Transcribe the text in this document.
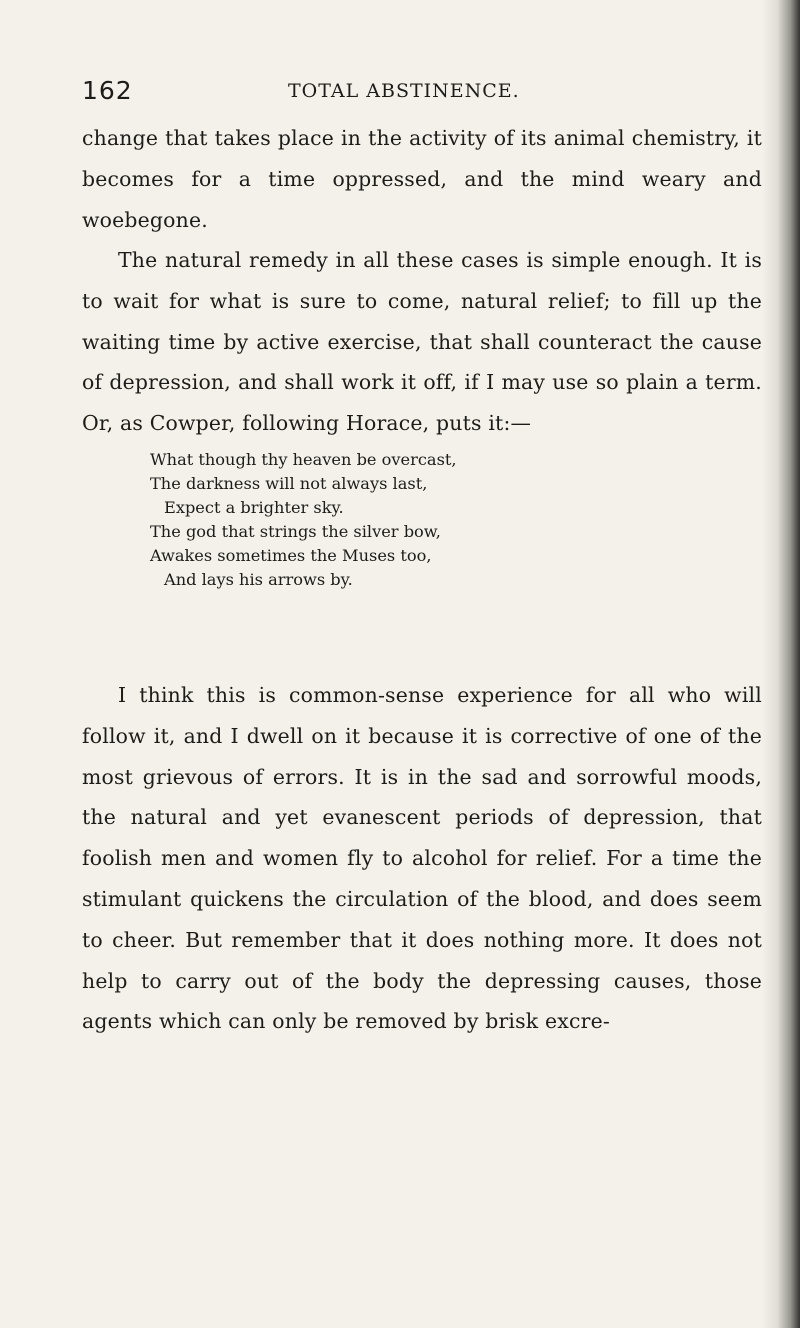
162	TOTAL ABSTINENCE.

change that takes place in the activity of its animal chemistry, it becomes for a time oppressed, and the mind weary and woebegone.

The natural remedy in all these cases is simple enough. It is to wait for what is sure to come, natural relief; to fill up the waiting time by active exercise, that shall counteract the cause of depression, and shall work it off, if I may use so plain a term. Or, as Cowper, following Horace, puts it:—

What though thy heaven be overcast,
The darkness will not always last,
Expect a brighter sky.
The god that strings the silver bow,
Awakes sometimes the Muses too,
And lays his arrows by.

I think this is common-sense experience for all who will follow it, and I dwell on it because it is corrective of one of the most grievous of errors. It is in the sad and sorrowful moods, the natural and yet evanescent periods of depression, that foolish men and women fly to alcohol for relief. For a time the stimulant quickens the circulation of the blood, and does seem to cheer. But remember that it does nothing more. It does not help to carry out of the body the depressing causes, those agents which can only be removed by brisk excre-
